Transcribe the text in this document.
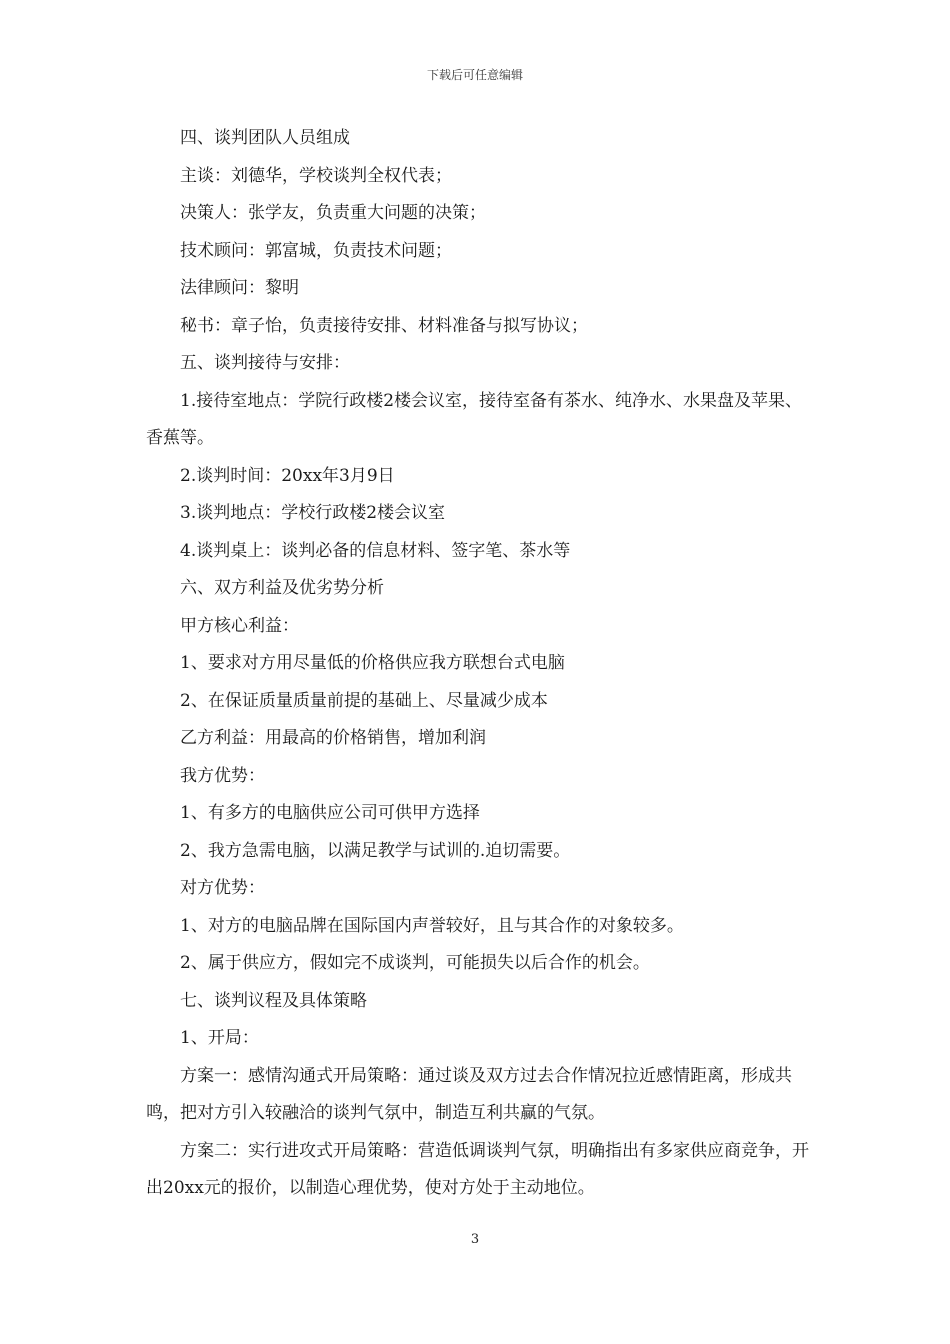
下载后可任意编辑

四、谈判团队人员组成

主谈：刘德华，学校谈判全权代表；

决策人：张学友，负责重大问题的决策；

技术顾问：郭富城，负责技术问题；

法律顾问：黎明

秘书：章子怡，负责接待安排、材料准备与拟写协议；

五、谈判接待与安排：

1.接待室地点：学院行政楼2楼会议室，接待室备有茶水、纯净水、水果盘及苹果、香蕉等。

2.谈判时间：20xx年3月9日

3.谈判地点：学校行政楼2楼会议室

4.谈判桌上：谈判必备的信息材料、签字笔、茶水等

六、双方利益及优劣势分析

甲方核心利益：

1、要求对方用尽量低的价格供应我方联想台式电脑

2、在保证质量质量前提的基础上、尽量减少成本

乙方利益：用最高的价格销售，增加利润

我方优势：

1、有多方的电脑供应公司可供甲方选择

2、我方急需电脑，以满足教学与试训的.迫切需要。

对方优势：

1、对方的电脑品牌在国际国内声誉较好，且与其合作的对象较多。

2、属于供应方，假如完不成谈判，可能损失以后合作的机会。

七、谈判议程及具体策略

1、开局：

方案一：感情沟通式开局策略：通过谈及双方过去合作情况拉近感情距离，形成共鸣，把对方引入较融洽的谈判气氛中，制造互利共赢的气氛。

方案二：实行进攻式开局策略：营造低调谈判气氛，明确指出有多家供应商竞争，开出20xx元的报价，以制造心理优势，使对方处于主动地位。

3
